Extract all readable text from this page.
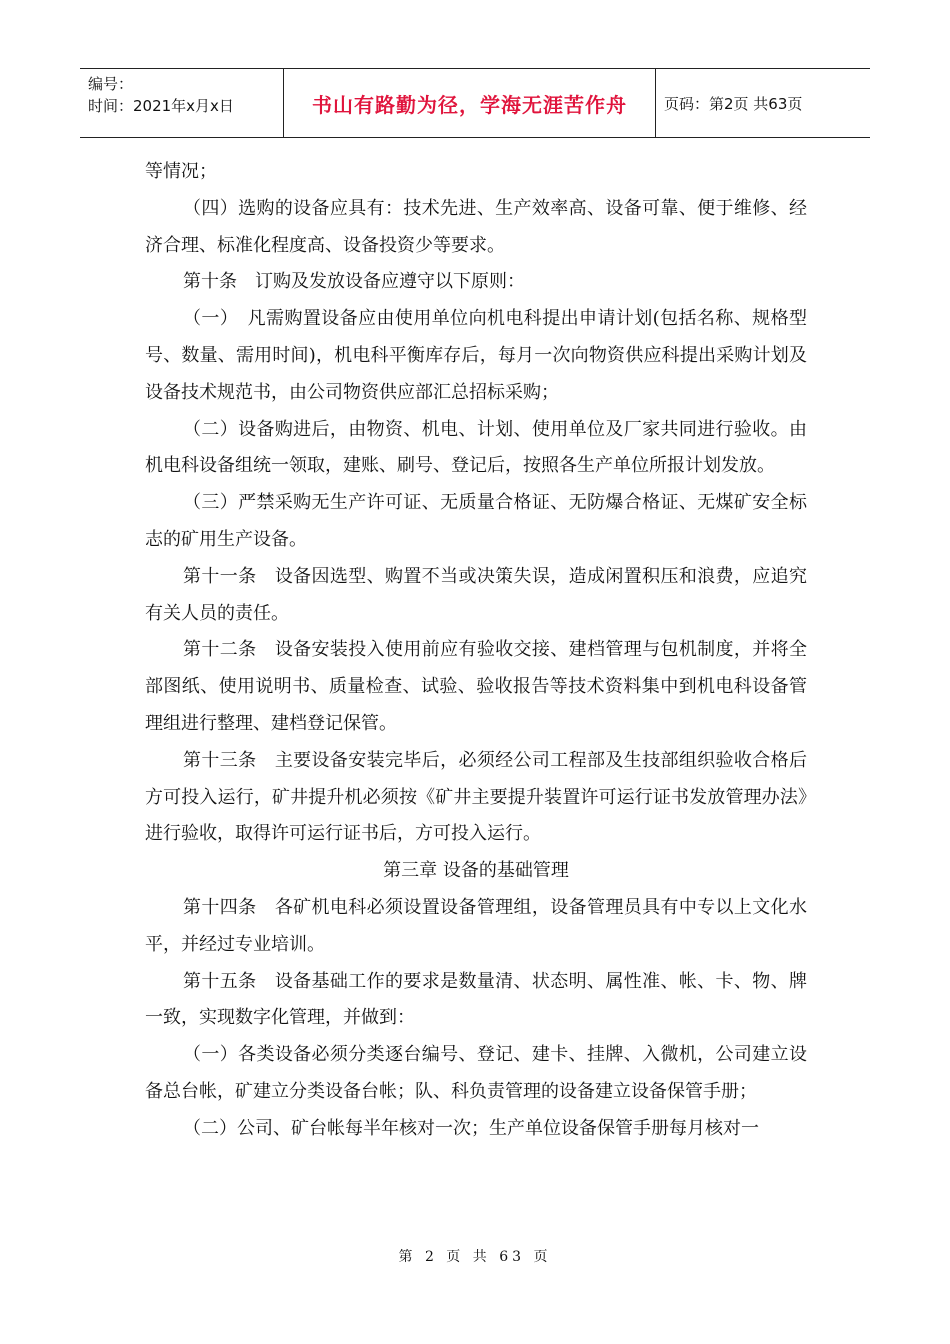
编号：
时间：2021年x月x日	书山有路勤为径，学海无涯苦作舟	页码：第2页 共63页

等情况；

（四）选购的设备应具有：技术先进、生产效率高、设备可靠、便于维修、经济合理、标准化程度高、设备投资少等要求。

第十条　订购及发放设备应遵守以下原则：

（一）　凡需购置设备应由使用单位向机电科提出申请计划(包括名称、规格型号、数量、需用时间)，机电科平衡库存后，每月一次向物资供应科提出采购计划及设备技术规范书，由公司物资供应部汇总招标采购；

（二）设备购进后，由物资、机电、计划、使用单位及厂家共同进行验收。由机电科设备组统一领取，建账、刷号、登记后，按照各生产单位所报计划发放。

（三）严禁采购无生产许可证、无质量合格证、无防爆合格证、无煤矿安全标志的矿用生产设备。

第十一条　设备因选型、购置不当或决策失误，造成闲置积压和浪费，应追究有关人员的责任。

第十二条　设备安装投入使用前应有验收交接、建档管理与包机制度，并将全部图纸、使用说明书、质量检查、试验、验收报告等技术资料集中到机电科设备管理组进行整理、建档登记保管。

第十三条　主要设备安装完毕后，必须经公司工程部及生技部组织验收合格后方可投入运行，矿井提升机必须按《矿井主要提升装置许可运行证书发放管理办法》进行验收，取得许可运行证书后，方可投入运行。

第三章 设备的基础管理

第十四条　各矿机电科必须设置设备管理组，设备管理员具有中专以上文化水平，并经过专业培训。

第十五条　设备基础工作的要求是数量清、状态明、属性准、帐、卡、物、牌一致，实现数字化管理，并做到：

（一）各类设备必须分类逐台编号、登记、建卡、挂牌、入微机，公司建立设备总台帐，矿建立分类设备台帐；队、科负责管理的设备建立设备保管手册；

（二）公司、矿台帐每半年核对一次；生产单位设备保管手册每月核对一

第 2 页 共 63 页
